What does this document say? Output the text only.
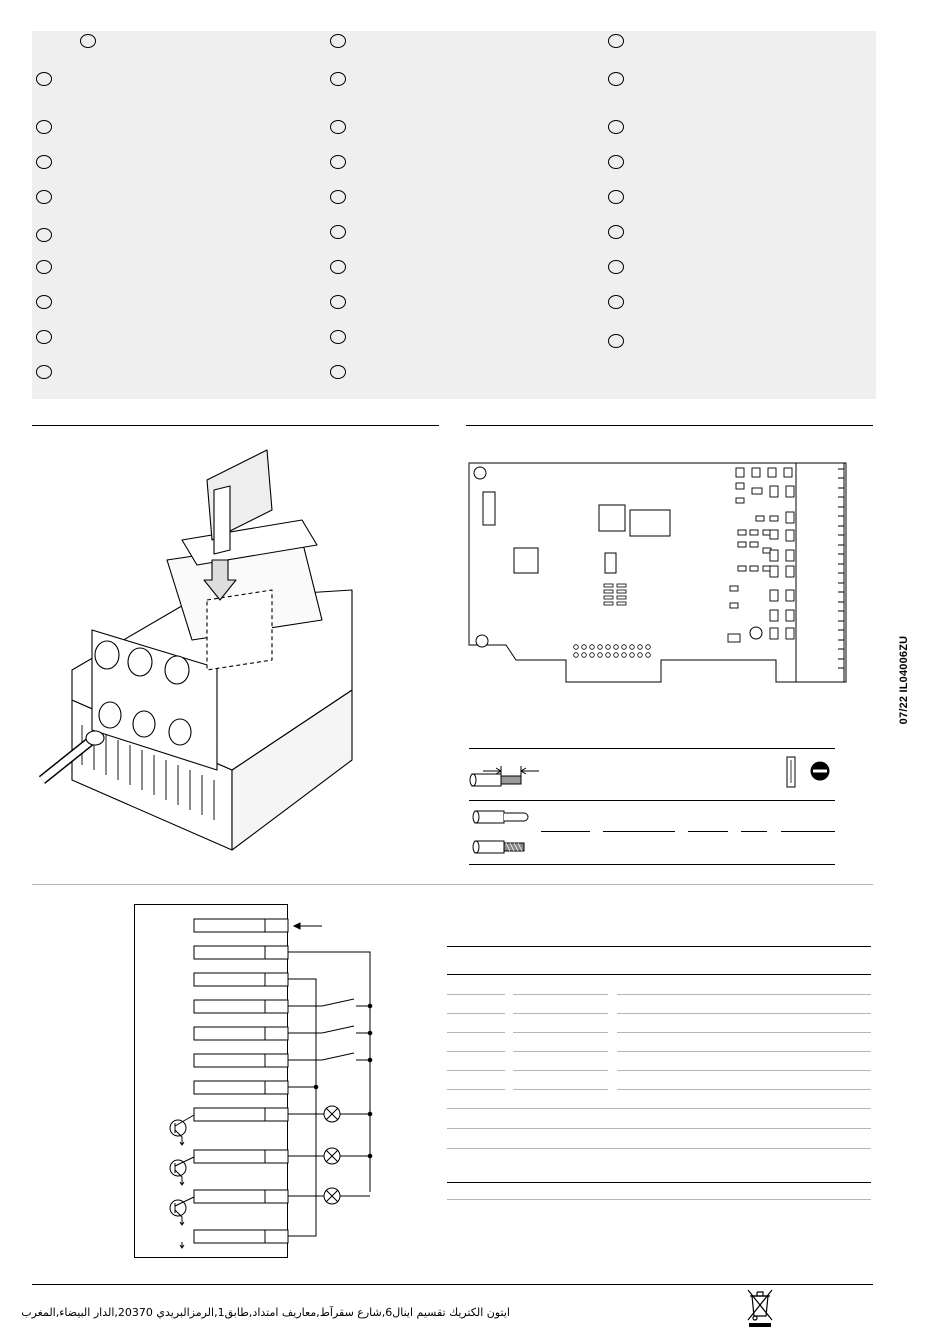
07/22 IL04006ZU
ايتون الكتريك تقسيم اينال6,شارع سقرآط,معاريف امتداد,طابق1,الرمزالبريدي 20370,الدار البيضاء,المغرب
